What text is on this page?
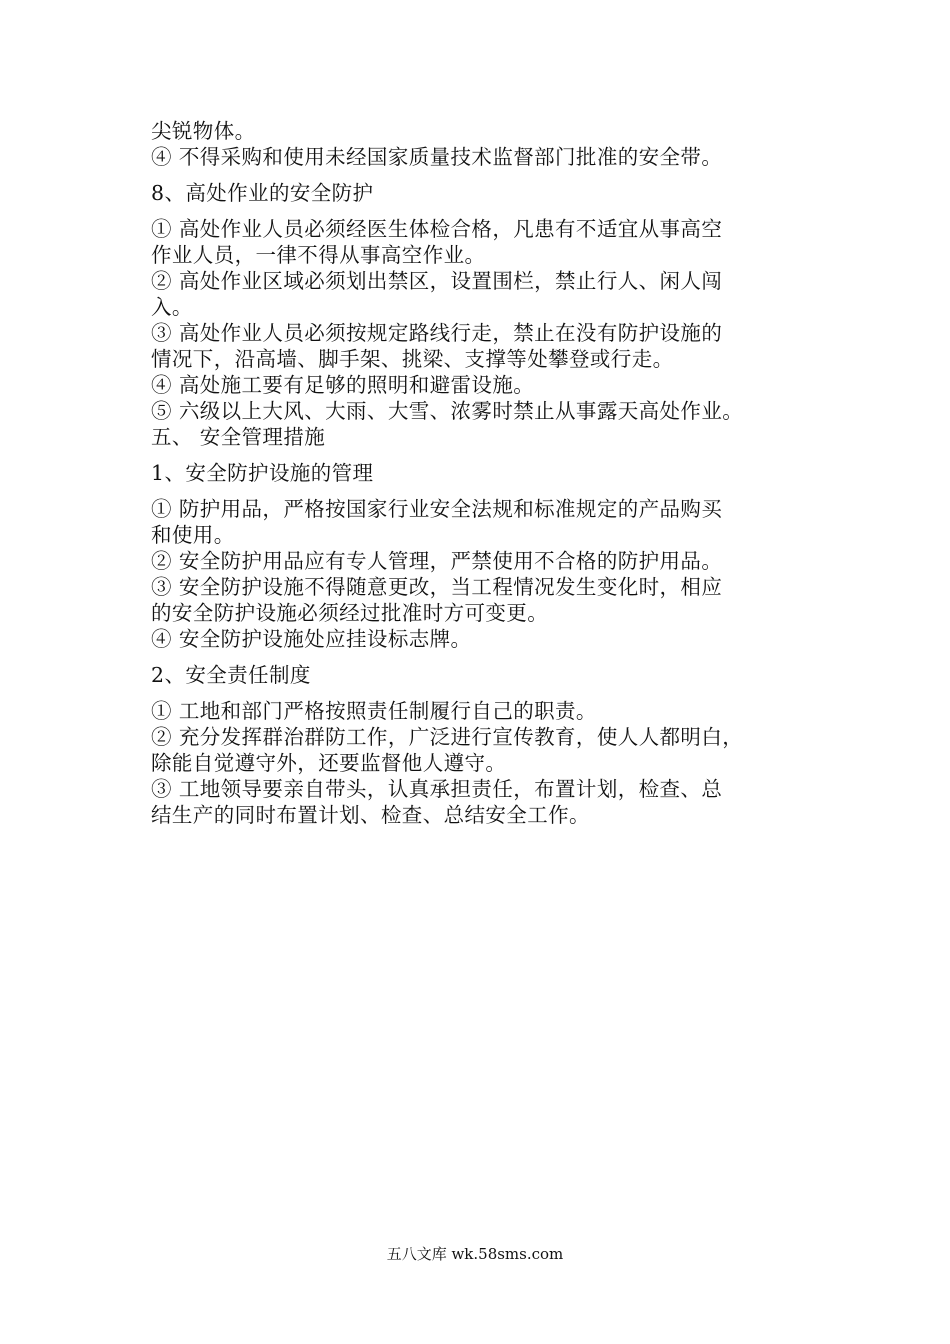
尖锐物体。
④ 不得采购和使用未经国家质量技术监督部门批准的安全带。
8、高处作业的安全防护
① 高处作业人员必须经医生体检合格，凡患有不适宜从事高空
作业人员，一律不得从事高空作业。
② 高处作业区域必须划出禁区，设置围栏，禁止行人、闲人闯
入。
③ 高处作业人员必须按规定路线行走，禁止在没有防护设施的
情况下，沿高墙、脚手架、挑梁、支撑等处攀登或行走。
④ 高处施工要有足够的照明和避雷设施。
⑤ 六级以上大风、大雨、大雪、浓雾时禁止从事露天高处作业。
五、 安全管理措施
1、安全防护设施的管理
① 防护用品，严格按国家行业安全法规和标准规定的产品购买
和使用。
② 安全防护用品应有专人管理，严禁使用不合格的防护用品。
③ 安全防护设施不得随意更改，当工程情况发生变化时，相应
的安全防护设施必须经过批准时方可变更。
④ 安全防护设施处应挂设标志牌。
2、安全责任制度
① 工地和部门严格按照责任制履行自己的职责。
② 充分发挥群治群防工作，广泛进行宣传教育，使人人都明白，
除能自觉遵守外，还要监督他人遵守。
③ 工地领导要亲自带头，认真承担责任，布置计划，检查、总
结生产的同时布置计划、检查、总结安全工作。
五八文库 wk.58sms.com
